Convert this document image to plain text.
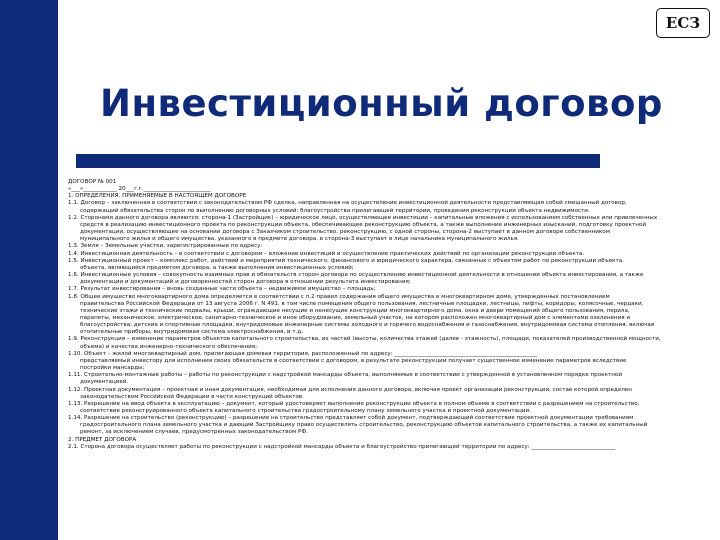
ЕСЗ
Инвестиционный договор
ДОГОВОР № 001
«___»____________ 20___г.г.________________________
1. ОПРЕДЕЛЕНИЯ, ПРИМЕНЯЕМЫЕ В НАСТОЯЩЕМ ДОГОВОРЕ
1.1. Договор – заключенная в соответствии с законодательством РФ сделка, направленная на осуществление инвестиционной деятельности представляющая собой смешанный договор,
содержащий обязательства сторон по выполнению договорных условий: благоустройства прилегающей территории, проведения реконструкции объекта недвижимости.
1.2. Сторонами данного договора являются: сторона-1 (Застройщик) – юридическое лицо, осуществляющее инвестиции – капитальные вложения с использованием собственных или привлеченных
средств в реализацию инвестиционного проекта по реконструкции объекта, обеспечивающее реконструкцию объекта, а также выполнение инженерных изысканий, подготовку проектной
документации, осуществляющее на основании договора с Заказчиком строительство, реконструкцию, с одной стороны, сторона-2 выступает в данном договоре собственником
муниципального жилья и общего имущества, указанного в предмете договора, в сторона-3 выступает в лице начальника муниципального жилья.
1.3. Земля – Земельные участки, зарегистрированные по адресу:
1.4. Инвестиционная деятельность – в соответствии с договором – вложение инвестиций и осуществление практических действий по организации реконструкции объекта.
1.5. Инвестиционный проект – комплекс работ, действий и мероприятий технического, финансового и юридического характера, связанных с объектом работ по реконструкции объекта.
объекта, являющийся предметом договора, а также выполнения инвестиционных условий;
1.6. Инвестиционные условия – совокупность взаимных прав и обязательств сторон договора по осуществлению инвестиционной деятельности в отношении объекта инвестирования, а также
документации и документаций и договоренностей сторон договора в отношении результата инвестирования;
1.7. Результат инвестирования – вновь созданные части объекта – недвижимое имущество – площадь;
1.8. Общее имущество многоквартирного дома определяется в соответствии с п.2 правил содержания общего имущества в многоквартирном доме, утвержденных постановлением
правительства Российской Федерации от 13 августа 2006 г. N 491, в том числе помещения общего пользования, лестничные площадки, лестницы, лифты, коридоры, колясочные, чердаки,
технические этажи и технические подвалы, крыши, ограждающие несущие и ненесущие конструкции многоквартирного дома, окна и двери помещений общего пользования, перила,
парапеты, механическое, электрическое, санитарно-техническое и иное оборудование, земельный участок, на котором расположен многоквартирный дом с элементами озеленения и
благоустройства; детские и спортивные площадки, внутридомовые инженерные системы холодного и горячего водоснабжения и газоснабжения, внутридомовая система отопления, включая
отопительные приборы, внутридомовая система электроснабжения, и т.д.
1.9. Реконструкция – изменение параметров объектов капитального строительства, их частей (высоты, количества этажей (далее - этажность), площади, показателей производственной мощности,
объема) и качества инженерно-технического обеспечения;
1.10. Объект – жилой многоквартирный дом, прилегающая домовая территория, расположенный по адресу: ___________________________________________________
представляемый инвестору для исполнения своих обязательств в соответствии с договором, в результате реконструкции получает существенное изменение параметров вследствие
постройки мансарды;
1.11. Строительно-монтажные работы – работы по реконструкции с надстройкой мансарды объекта, выполняемые в соответствии с утвержденной в установленном порядке проектной
документацией.
1.12. Проектная документация – проектная и иная документация, необходимая для исполнения данного договора, включая проект организации реконструкции, состав которой определен
законодательством Российской Федерации в части конструкций объектов.
1.13. Разрешение на ввод объекта в эксплуатацию – документ, который удостоверяет выполнение реконструкции объекта в полном объеме в соответствии с разрешением на строительство,
соответствие реконструированного объекта капитального строительства градостроительному плану земельного участка и проектной документации.
1.14. Разрешение на строительство (реконструкцию) – разрешение на строительство представляет собой документ, подтверждающий соответствие проектной документации требованиям
градостроительного плана земельного участка и дающий Застройщику право осуществлять строительство, реконструкцию объектов капитального строительства, а также их капитальный
ремонт, за исключением случаев, предусмотренных законодательством РФ.
2. ПРЕДМЕТ ДОГОВОРА
2.1. Сторона договора осуществляет работы по реконструкции с надстройкой мансарды объекта и благоустройство прилегающей территории по адресу: ______________________________
